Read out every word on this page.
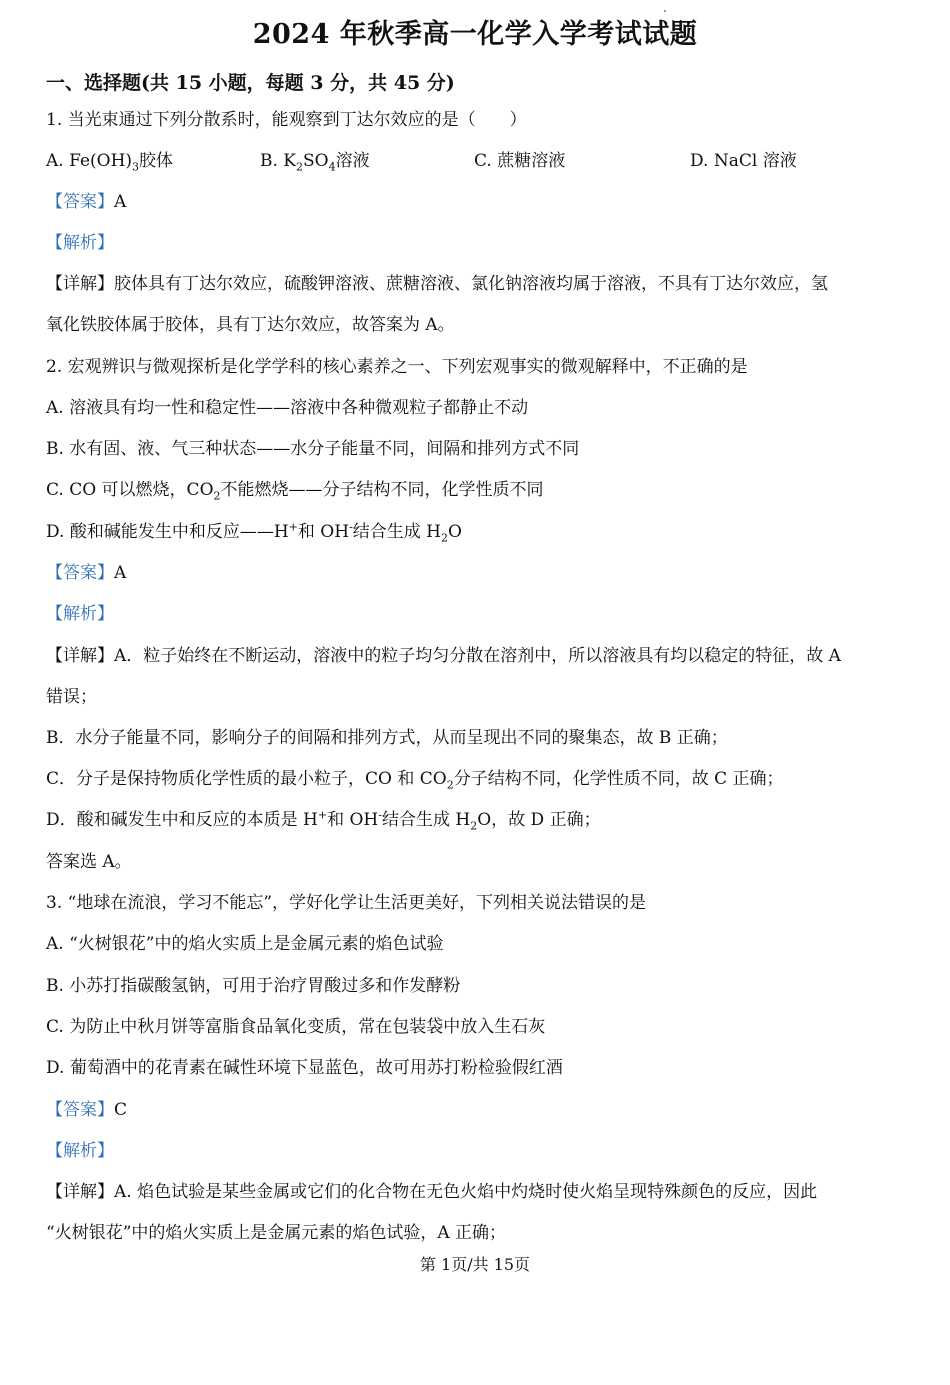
2024 年秋季高一化学入学考试试题
一、选择题(共 15 小题，每题 3 分，共 45 分)
1. 当光束通过下列分散系时，能观察到丁达尔效应的是（　　）
A. $Fe(OH)_3$胶体	B. $K_2SO_4$溶液	C. 蔗糖溶液	D. NaCl 溶液
【答案】A
【解析】
【详解】胶体具有丁达尔效应，硫酸钾溶液、蔗糖溶液、氯化钠溶液均属于溶液，不具有丁达尔效应，氢
氧化铁胶体属于胶体，具有丁达尔效应，故答案为 A。
2. 宏观辨识与微观探析是化学学科的核心素养之一、下列宏观事实的微观解释中，不正确的是
A. 溶液具有均一性和稳定性——溶液中各种微观粒子都静止不动
B. 水有固、液、气三种状态——水分子能量不同，间隔和排列方式不同
C. CO 可以燃烧，$CO_2$不能燃烧——分子结构不同，化学性质不同
D. 酸和碱能发生中和反应——H+和 OH-结合生成 $H_2O$
【答案】A
【解析】
【详解】A．粒子始终在不断运动，溶液中的粒子均匀分散在溶剂中，所以溶液具有均以稳定的特征，故 A
错误；
B．水分子能量不同，影响分子的间隔和排列方式，从而呈现出不同的聚集态，故 B 正确；
C．分子是保持物质化学性质的最小粒子，CO 和 $CO_2$分子结构不同，化学性质不同，故 C 正确；
D．酸和碱发生中和反应的本质是 H+和 OH-结合生成 $H_2O$，故 D 正确；
答案选 A。
3. “地球在流浪，学习不能忘”，学好化学让生活更美好，下列相关说法错误的是
A. “火树银花”中的焰火实质上是金属元素的焰色试验
B. 小苏打指碳酸氢钠，可用于治疗胃酸过多和作发酵粉
C. 为防止中秋月饼等富脂食品氧化变质，常在包装袋中放入生石灰
D. 葡萄酒中的花青素在碱性环境下显蓝色，故可用苏打粉检验假红酒
【答案】C
【解析】
【详解】A. 焰色试验是某些金属或它们的化合物在无色火焰中灼烧时使火焰呈现特殊颜色的反应，因此
“火树银花”中的焰火实质上是金属元素的焰色试验，A 正确；
第 1页/共 15页
